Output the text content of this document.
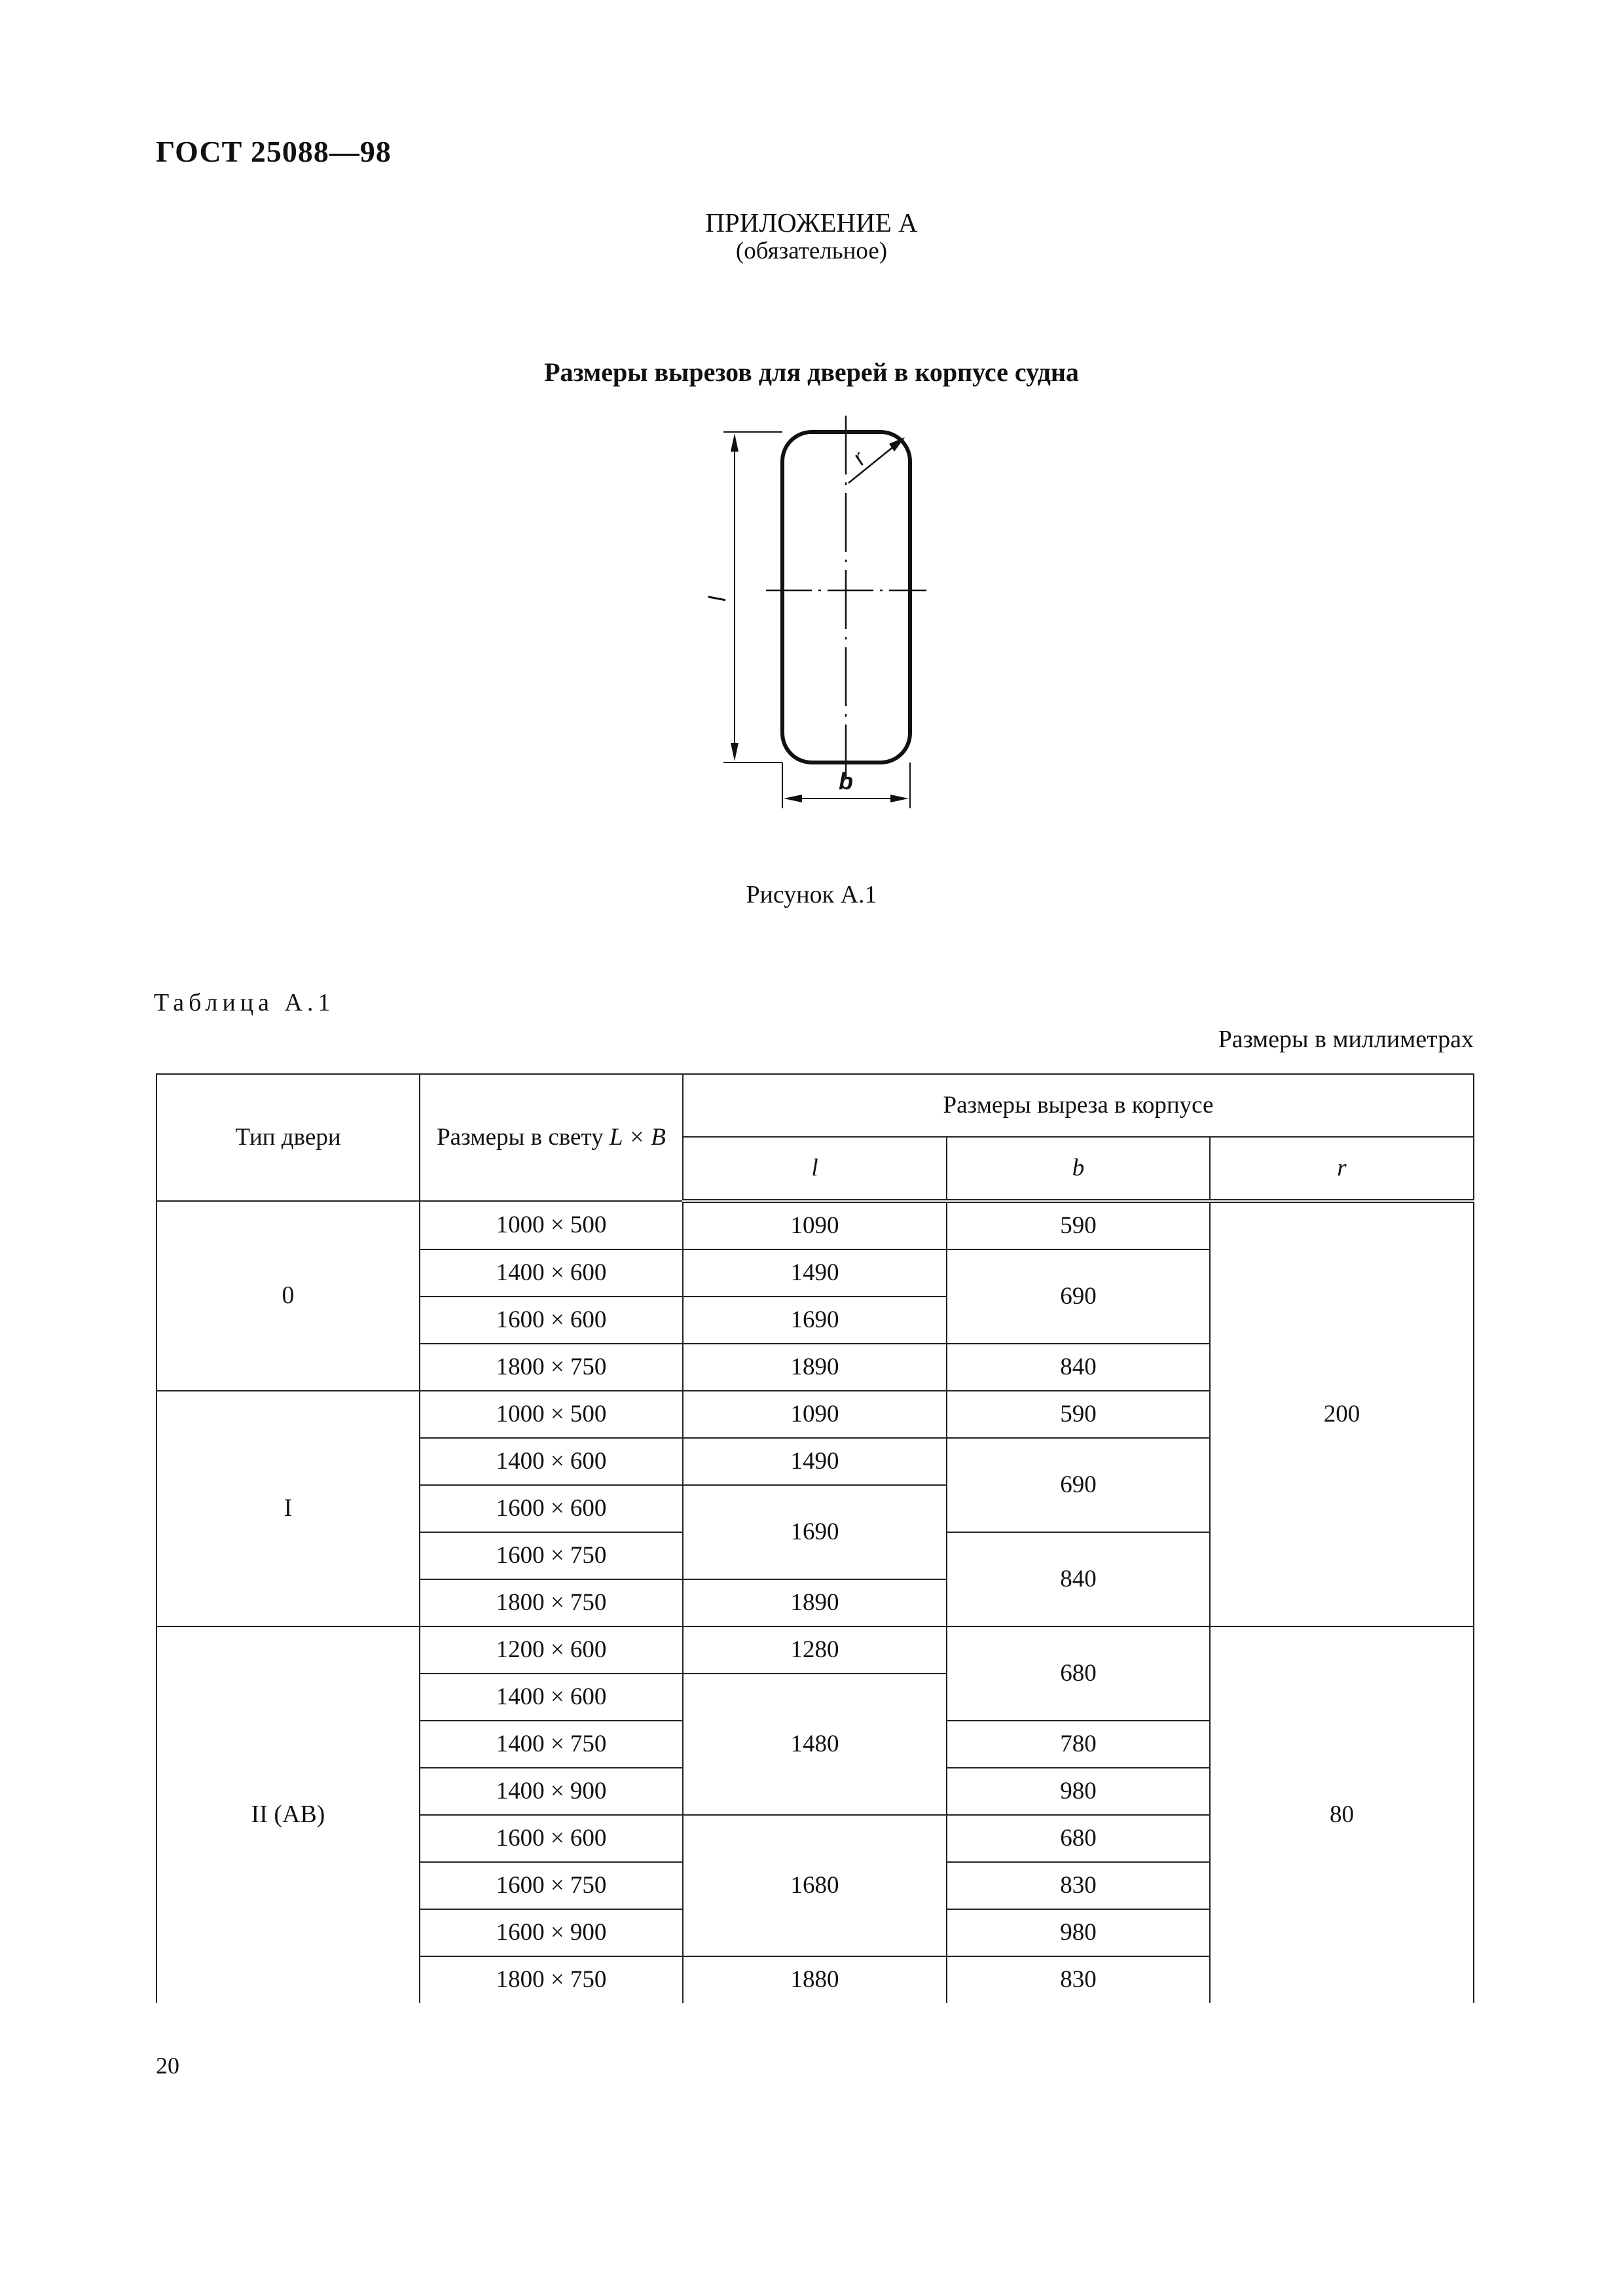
ГОСТ 25088—98
ПРИЛОЖЕНИЕ А
(обязательное)
Размеры вырезов для дверей в корпусе судна
l
b
r
Рисунок А.1
Таблица А.1
Размеры в миллиметрах
Тип двери	Размеры в свету L × B	Размеры выреза в корпусе		
		l	b	r
0	1000 × 500	1090	590	200
	1400 × 600	1490	690	
	1600 × 600	1690		
	1800 × 750	1890	840	
I	1000 × 500	1090	590	
	1400 × 600	1490	690	
	1600 × 600	1690		
	1600 × 750		840	
	1800 × 750	1890		
II (АВ)	1200 × 600	1280	680	80
	1400 × 600	1480		
	1400 × 750		780	
	1400 × 900		980	
	1600 × 600	1680	680	
	1600 × 750		830	
	1600 × 900		980	
	1800 × 750	1880	830	
20
